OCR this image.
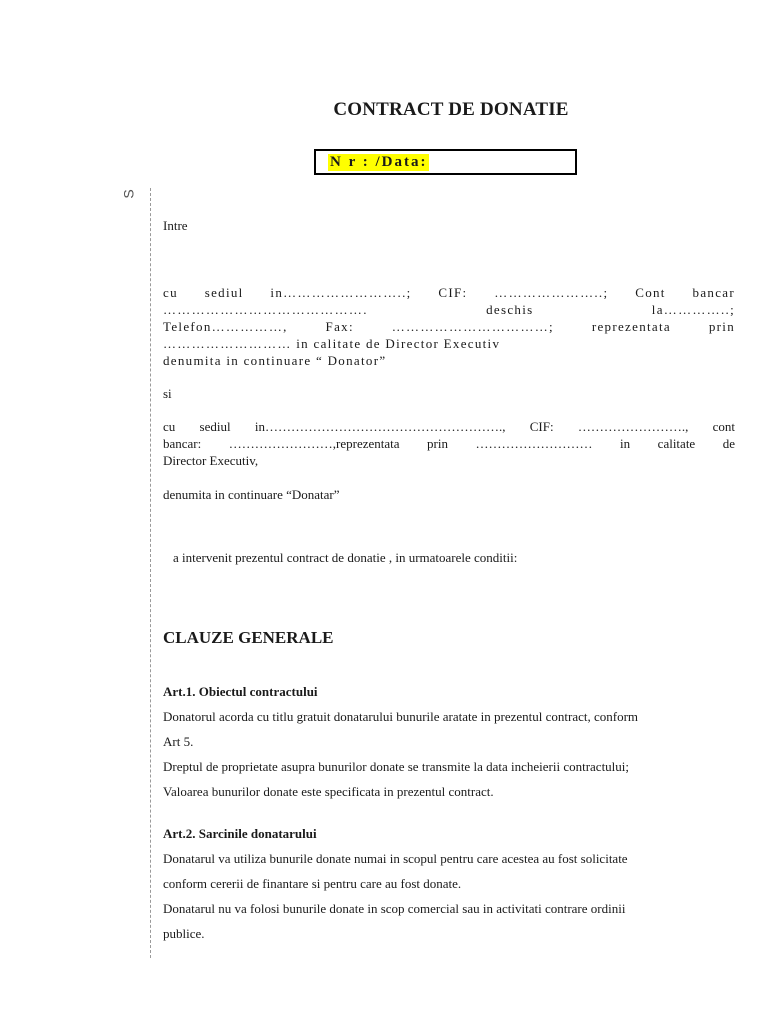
CONTRACT DE DONATIE
N r : /Data:
S
Intre
cu sediul in……………………..; CIF: …………………..; Cont bancar
……………………………………. deschis la…………..;
Telefon……………, Fax: ……………………………; reprezentata prin
……………………… in calitate de Director Executiv
denumita in continuare “ Donator”
si
cu sediul in………………………………………………., CIF: ……………………., cont
bancar: ……………………,reprezentata prin ……………………… in calitate de
Director Executiv,
denumita in continuare “Donatar”
a intervenit prezentul contract de donatie , in urmatoarele conditii:
CLAUZE GENERALE
Art.1. Obiectul contractului
Donatorul acorda cu titlu gratuit donatarului bunurile aratate in prezentul contract, conform
Art 5.
Dreptul de proprietate asupra bunurilor donate se transmite la data incheierii contractului;
Valoarea bunurilor donate este specificata in prezentul contract.
Art.2. Sarcinile donatarului
Donatarul va utiliza bunurile donate numai in scopul pentru care acestea au fost solicitate
conform cererii de finantare si pentru care au fost donate.
Donatarul nu va folosi bunurile donate in scop comercial sau in activitati contrare ordinii
publice.
